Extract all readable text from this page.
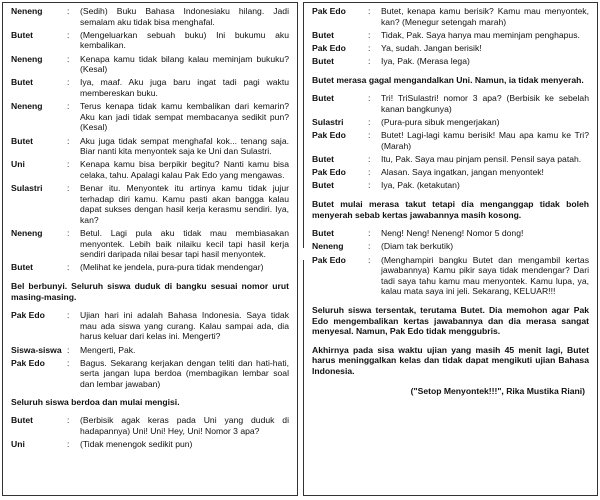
Neneng	:	(Sedih) Buku Bahasa Indonesiaku hilang. Jadi semalam aku tidak bisa menghafal.
Butet	:	(Mengeluarkan sebuah buku) Ini bukumu aku kembalikan.
Neneng	:	Kenapa kamu tidak bilang kalau meminjam bukuku? (Kesal)
Butet	:	Iya, maaf. Aku juga baru ingat tadi pagi waktu membereskan buku.
Neneng	:	Terus kenapa tidak kamu kembalikan dari kemarin? Aku kan jadi tidak sempat membacanya sedikit pun? (Kesal)
Butet	:	Aku juga tidak sempat menghafal kok... tenang saja. Biar nanti kita menyontek saja ke Uni dan Sulastri.
Uni	:	Kenapa kamu bisa berpikir begitu? Nanti kamu bisa celaka, tahu. Apalagi kalau Pak Edo yang mengawas.
Sulastri	:	Benar itu. Menyontek itu artinya kamu tidak jujur terhadap diri kamu. Kamu pasti akan bangga kalau dapat sukses dengan hasil kerja kerasmu sendiri. Iya, kan?
Neneng	:	Betul. Lagi pula aku tidak mau membiasakan menyontek. Lebih baik nilaiku kecil tapi hasil kerja sendiri daripada nilai besar tapi hasil menyontek.
Butet	:	(Melihat ke jendela, pura-pura tidak mendengar)
Bel berbunyi. Seluruh siswa duduk di bangku sesuai nomor urut masing-masing.
Pak Edo	:	Ujian hari ini adalah Bahasa Indonesia. Saya tidak mau ada siswa yang curang. Kalau sampai ada, dia harus keluar dari kelas ini. Mengerti?
Siswa-siswa :	Mengerti, Pak.
Pak Edo	:	Bagus. Sekarang kerjakan dengan teliti dan hati-hati, serta jangan lupa berdoa (membagikan lembar soal dan lembar jawaban)
Seluruh siswa berdoa dan mulai mengisi.
Butet	:	(Berbisik agak keras pada Uni yang duduk di hadapannya) Uni! Uni! Hey, Uni! Nomor 3 apa?
Uni	:	(Tidak menengok sedikit pun)
Pak Edo	:	Butet, kenapa kamu berisik? Kamu mau menyontek, kan? (Menegur setengah marah)
Butet	:	Tidak, Pak. Saya hanya mau meminjam penghapus.
Pak Edo	:	Ya, sudah. Jangan berisik!
Butet	:	Iya, Pak. (Merasa lega)
Butet merasa gagal mengandalkan Uni. Namun, ia tidak menyerah.
Butet	:	Tri! TriSulastri! nomor 3 apa? (Berbisik ke sebelah kanan bangkunya)
Sulastri	:	(Pura-pura sibuk mengerjakan)
Pak Edo	:	Butet! Lagi-lagi kamu berisik! Mau apa kamu ke Tri? (Marah)
Butet	:	Itu, Pak. Saya mau pinjam pensil. Pensil saya patah.
Pak Edo	:	Alasan. Saya ingatkan, jangan menyontek!
Butet	:	Iya, Pak. (ketakutan)
Butet mulai merasa takut tetapi dia menganggap tidak boleh menyerah sebab kertas jawabannya masih kosong.
Butet	:	Neng! Neng! Neneng! Nomor 5 dong!
Neneng	:	(Diam tak berkutik)
Pak Edo	:	(Menghampiri bangku Butet dan mengambil kertas jawabannya) Kamu pikir saya tidak mendengar? Dari tadi saya tahu kamu mau menyontek. Kamu lupa, ya, kalau mata saya ini jeli. Sekarang, KELUAR!!!
Seluruh siswa tersentak, terutama Butet. Dia memohon agar Pak Edo mengembalikan kertas jawabannya dan dia merasa sangat menyesal. Namun, Pak Edo tidak menggubris.
Akhirnya pada sisa waktu ujian yang masih 45 menit lagi, Butet harus meninggalkan kelas dan tidak dapat mengikuti ujian Bahasa Indonesia.
("Setop Menyontek!!!", Rika Mustika Riani)
